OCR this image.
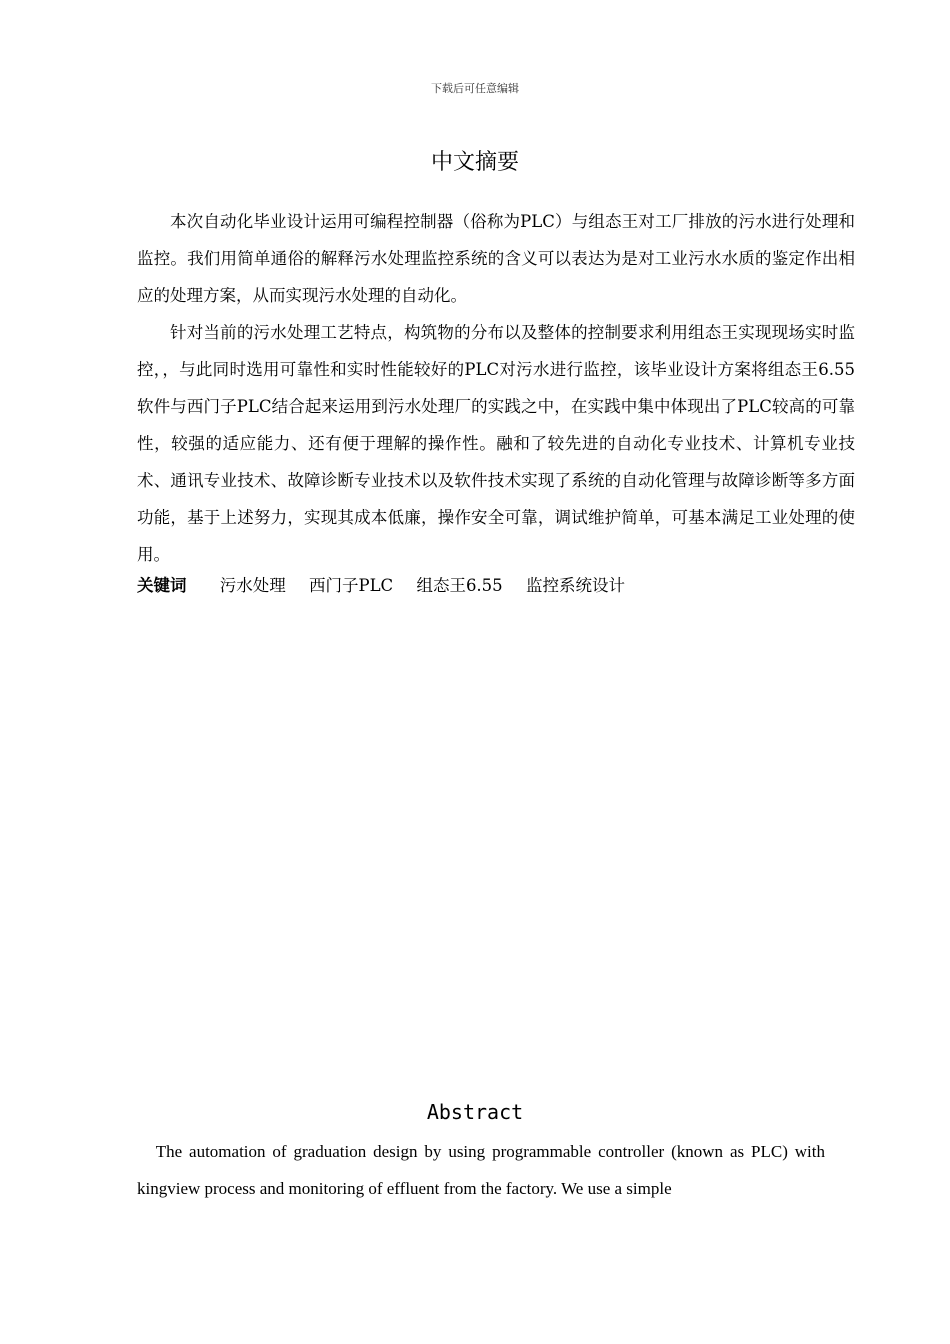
下载后可任意编辑
中文摘要

本次自动化毕业设计运用可编程控制器（俗称为PLC）与组态王对工厂排放的污水进行处理和监控。我们用简单通俗的解释污水处理监控系统的含义可以表达为是对工业污水水质的鉴定作出相应的处理方案，从而实现污水处理的自动化。

针对当前的污水处理工艺特点，构筑物的分布以及整体的控制要求利用组态王实现现场实时监控，，与此同时选用可靠性和实时性能较好的PLC对污水进行监控，该毕业设计方案将组态王6.55软件与西门子PLC结合起来运用到污水处理厂的实践之中，在实践中集中体现出了PLC较高的可靠性，较强的适应能力、还有便于理解的操作性。融和了较先进的自动化专业技术、计算机专业技术、通讯专业技术、故障诊断专业技术以及软件技术实现了系统的自动化管理与故障诊断等多方面功能，基于上述努力，实现其成本低廉，操作安全可靠，调试维护简单，可基本满足工业处理的使用。

关键词 污水处理 西门子PLC 组态王6.55 监控系统设计
Abstract

The automation of graduation design by using programmable controller (known as PLC) with kingview process and monitoring of effluent from the factory. We use a simple
